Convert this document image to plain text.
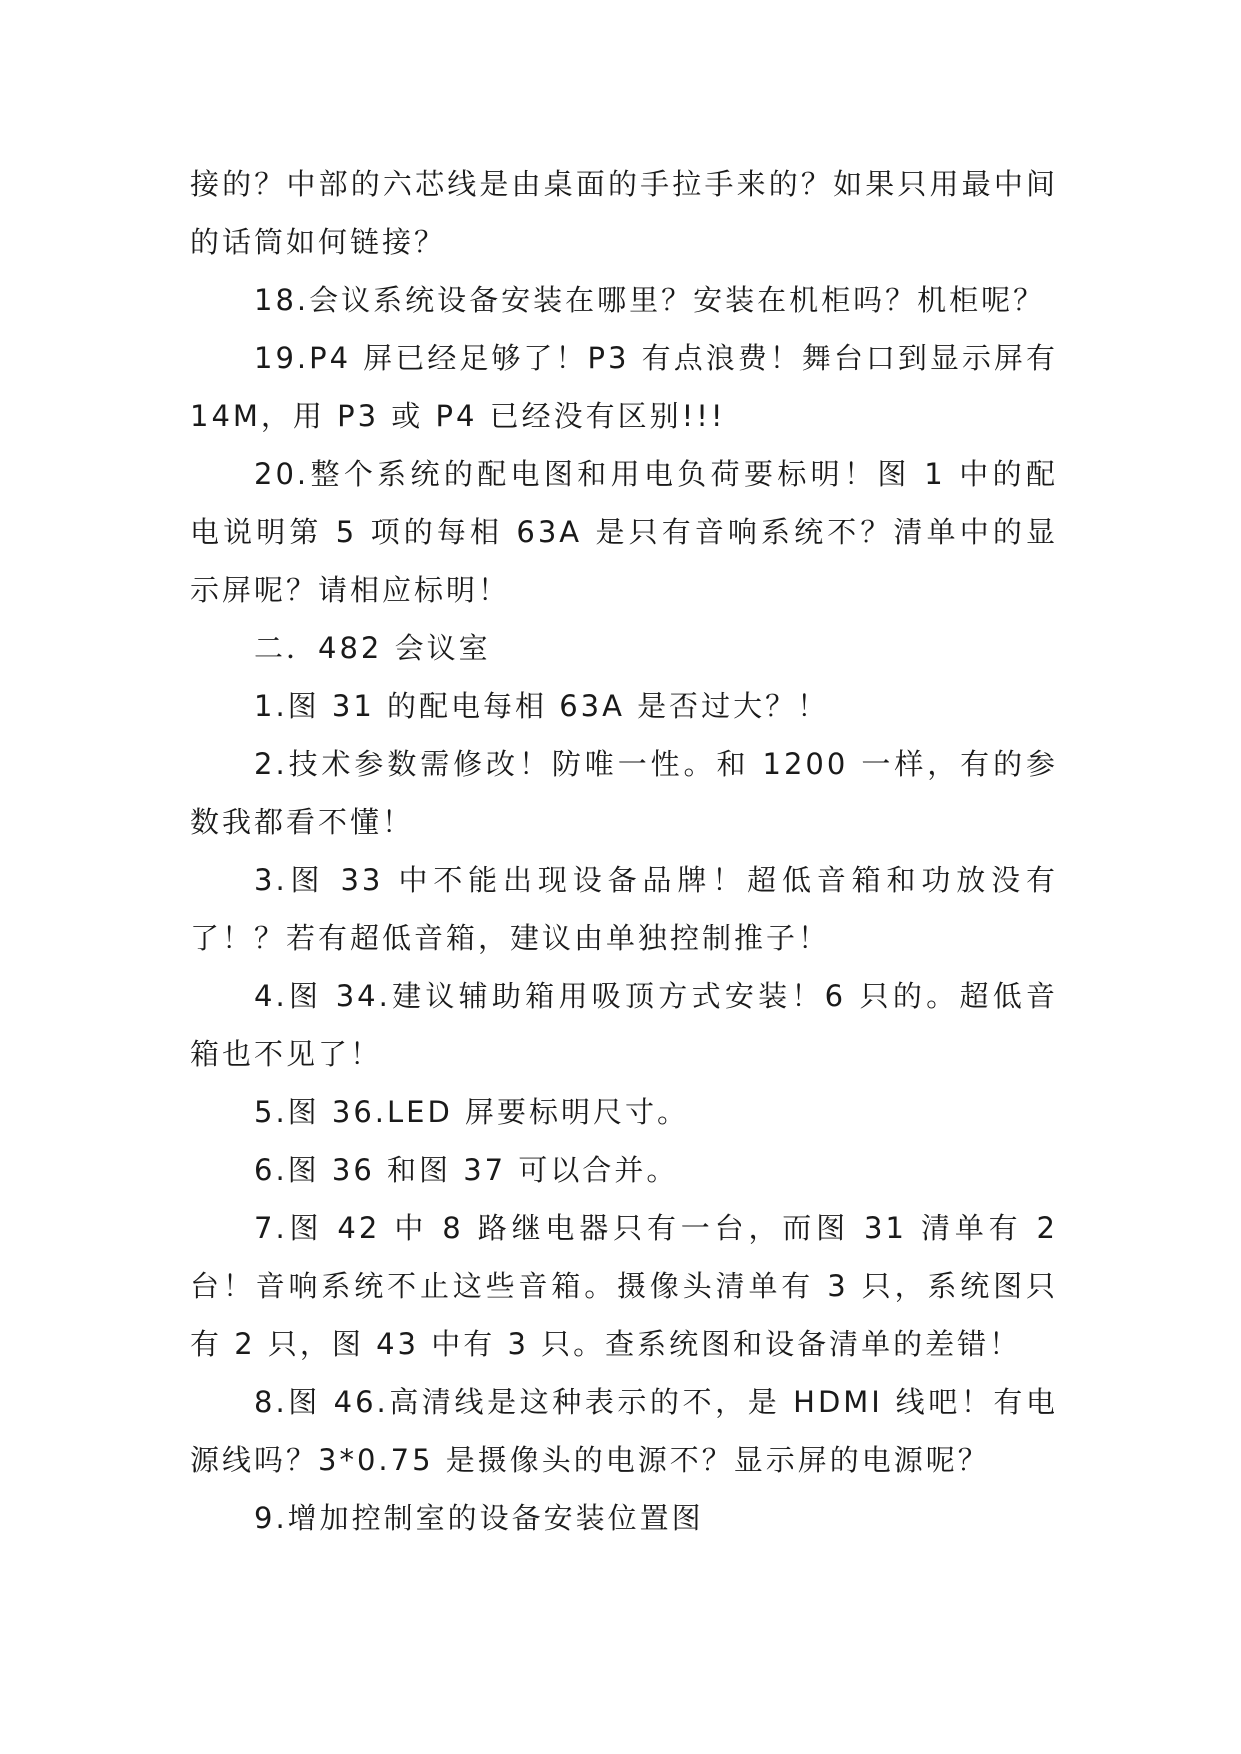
接的？中部的六芯线是由桌面的手拉手来的？如果只用最中间的话筒如何链接？

18.会议系统设备安装在哪里？安装在机柜吗？机柜呢？

19.P4 屏已经足够了！P3 有点浪费！舞台口到显示屏有 14M，用 P3 或 P4 已经没有区别!!!

20.整个系统的配电图和用电负荷要标明！图 1 中的配电说明第 5 项的每相 63A 是只有音响系统不？清单中的显示屏呢？请相应标明！

二．482 会议室

1.图 31 的配电每相 63A 是否过大？！

2.技术参数需修改！防唯一性。和 1200 一样，有的参数我都看不懂！

3.图 33 中不能出现设备品牌！超低音箱和功放没有了！？若有超低音箱，建议由单独控制推子！

4.图 34.建议辅助箱用吸顶方式安装！6 只的。超低音箱也不见了！

5.图 36.LED 屏要标明尺寸。

6.图 36 和图 37 可以合并。

7.图 42 中 8 路继电器只有一台，而图 31 清单有 2 台！音响系统不止这些音箱。摄像头清单有 3 只，系统图只有 2 只，图 43 中有 3 只。查系统图和设备清单的差错！

8.图 46.高清线是这种表示的不，是 HDMI 线吧！有电源线吗？3*0.75 是摄像头的电源不？显示屏的电源呢？

9.增加控制室的设备安装位置图
